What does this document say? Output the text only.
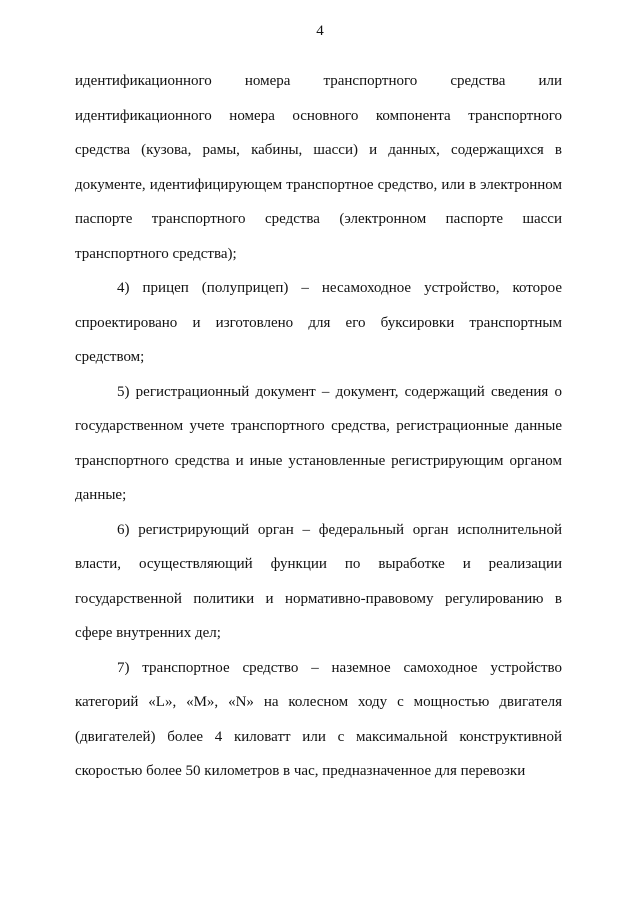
4

идентификационного номера транспортного средства или идентификационного номера основного компонента транспортного средства (кузова, рамы, кабины, шасси) и данных, содержащихся в документе, идентифицирующем транспортное средство, или в электронном паспорте транспортного средства (электронном паспорте шасси транспортного средства);

4) прицеп (полуприцеп) – несамоходное устройство, которое спроектировано и изготовлено для его буксировки транспортным средством;

5) регистрационный документ – документ, содержащий сведения о государственном учете транспортного средства, регистрационные данные транспортного средства и иные установленные регистрирующим органом данные;

6) регистрирующий орган – федеральный орган исполнительной власти, осуществляющий функции по выработке и реализации государственной политики и нормативно-правовому регулированию в сфере внутренних дел;

7) транспортное средство – наземное самоходное устройство категорий «L», «M», «N» на колесном ходу с мощностью двигателя (двигателей) более 4 киловатт или с максимальной конструктивной скоростью более 50 километров в час, предназначенное для перевозки
